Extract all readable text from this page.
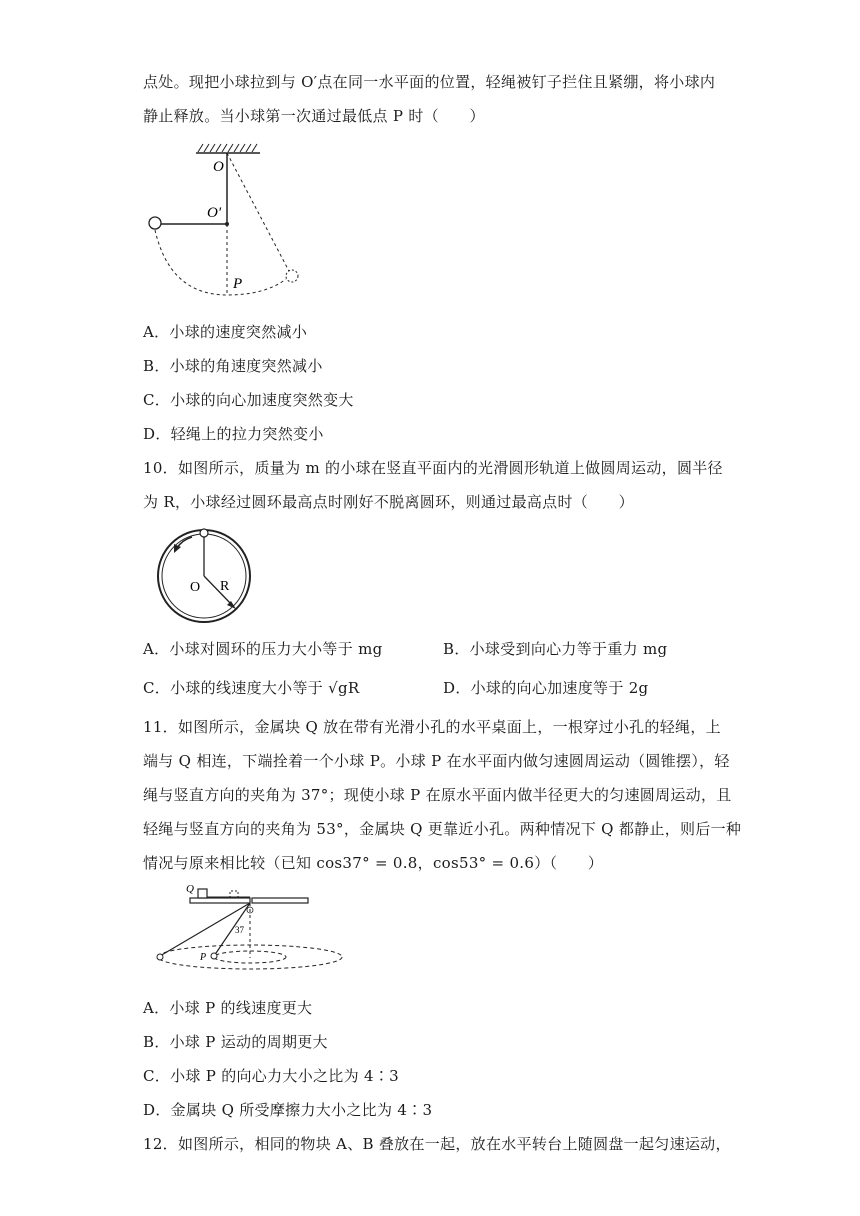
点处。现把小球拉到与 O′点在同一水平面的位置，轻绳被钉子拦住且紧绷，将小球内
静止释放。当小球第一次通过最低点 P 时（　　）
O
O′
P
A．小球的速度突然减小
B．小球的角速度突然减小
C．小球的向心加速度突然变大
D．轻绳上的拉力突然变小
10．如图所示，质量为 m 的小球在竖直平面内的光滑圆形轨道上做圆周运动，圆半径
为 R，小球经过圆环最高点时刚好不脱离圆环，则通过最高点时（　　）
O R
A．小球对圆环的压力大小等于 mg	B．小球受到向心力等于重力 mg
C．小球的线速度大小等于 √gR	D．小球的向心加速度等于 2g
11．如图所示，金属块 Q 放在带有光滑小孔的水平桌面上，一根穿过小孔的轻绳，上
端与 Q 相连，下端拴着一个小球 P。小球 P 在水平面内做匀速圆周运动（圆锥摆），轻
绳与竖直方向的夹角为 37°；现使小球 P 在原水平面内做半径更大的匀速圆周运动，且
轻绳与竖直方向的夹角为 53°，金属块 Q 更靠近小孔。两种情况下 Q 都静止，则后一种
情况与原来相比较（已知 cos37° = 0.8，cos53° = 0.6）（　　）
Q
P
37
A．小球 P 的线速度更大
B．小球 P 运动的周期更大
C．小球 P 的向心力大小之比为 4∶3
D．金属块 Q 所受摩擦力大小之比为 4∶3
12．如图所示，相同的物块 A、B 叠放在一起，放在水平转台上随圆盘一起匀速运动，
